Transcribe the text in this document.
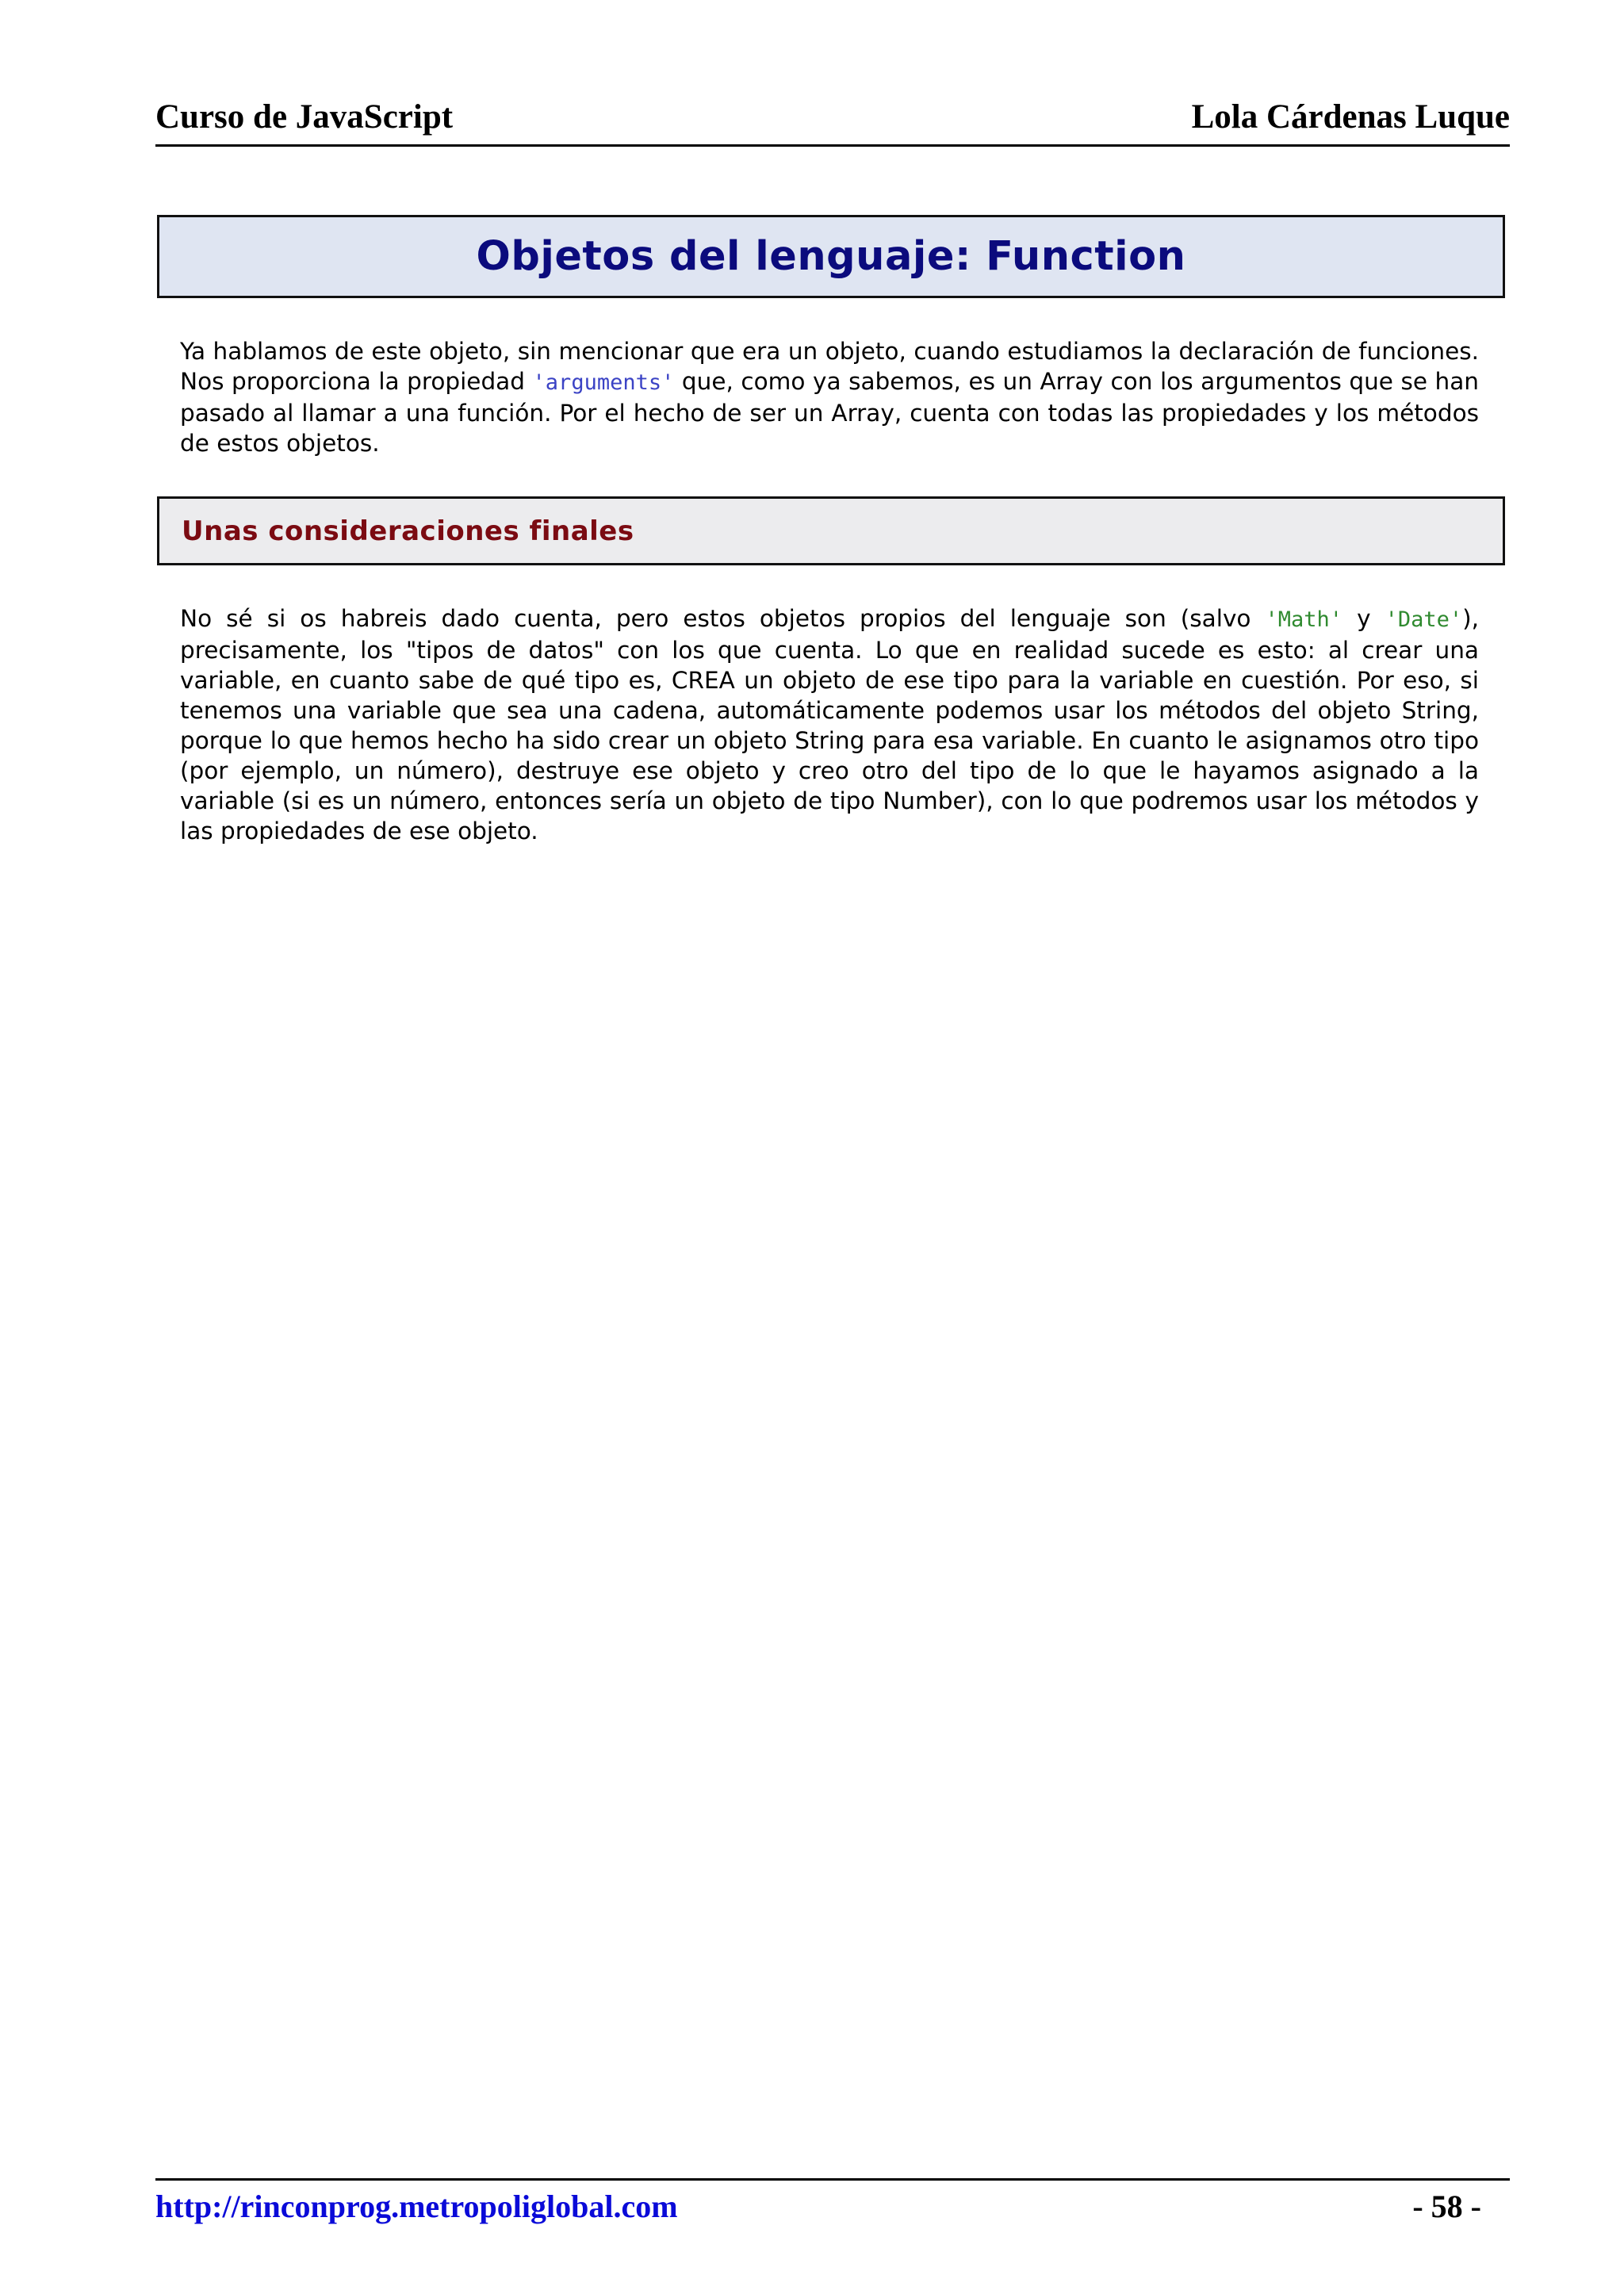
Curso de JavaScript	Lola Cárdenas Luque
Objetos del lenguaje: Function
Ya hablamos de este objeto, sin mencionar que era un objeto, cuando estudiamos la declaración de funciones. Nos proporciona la propiedad 'arguments' que, como ya sabemos, es un Array con los argumentos que se han pasado al llamar a una función. Por el hecho de ser un Array, cuenta con todas las propiedades y los métodos de estos objetos.
Unas consideraciones finales
No sé si os habreis dado cuenta, pero estos objetos propios del lenguaje son (salvo 'Math' y 'Date'), precisamente, los "tipos de datos" con los que cuenta. Lo que en realidad sucede es esto: al crear una variable, en cuanto sabe de qué tipo es, CREA un objeto de ese tipo para la variable en cuestión. Por eso, si tenemos una variable que sea una cadena, automáticamente podemos usar los métodos del objeto String, porque lo que hemos hecho ha sido crear un objeto String para esa variable. En cuanto le asignamos otro tipo (por ejemplo, un número), destruye ese objeto y creo otro del tipo de lo que le hayamos asignado a la variable (si es un número, entonces sería un objeto de tipo Number), con lo que podremos usar los métodos y las propiedades de ese objeto.
http://rinconprog.metropoliglobal.com	- 58 -
